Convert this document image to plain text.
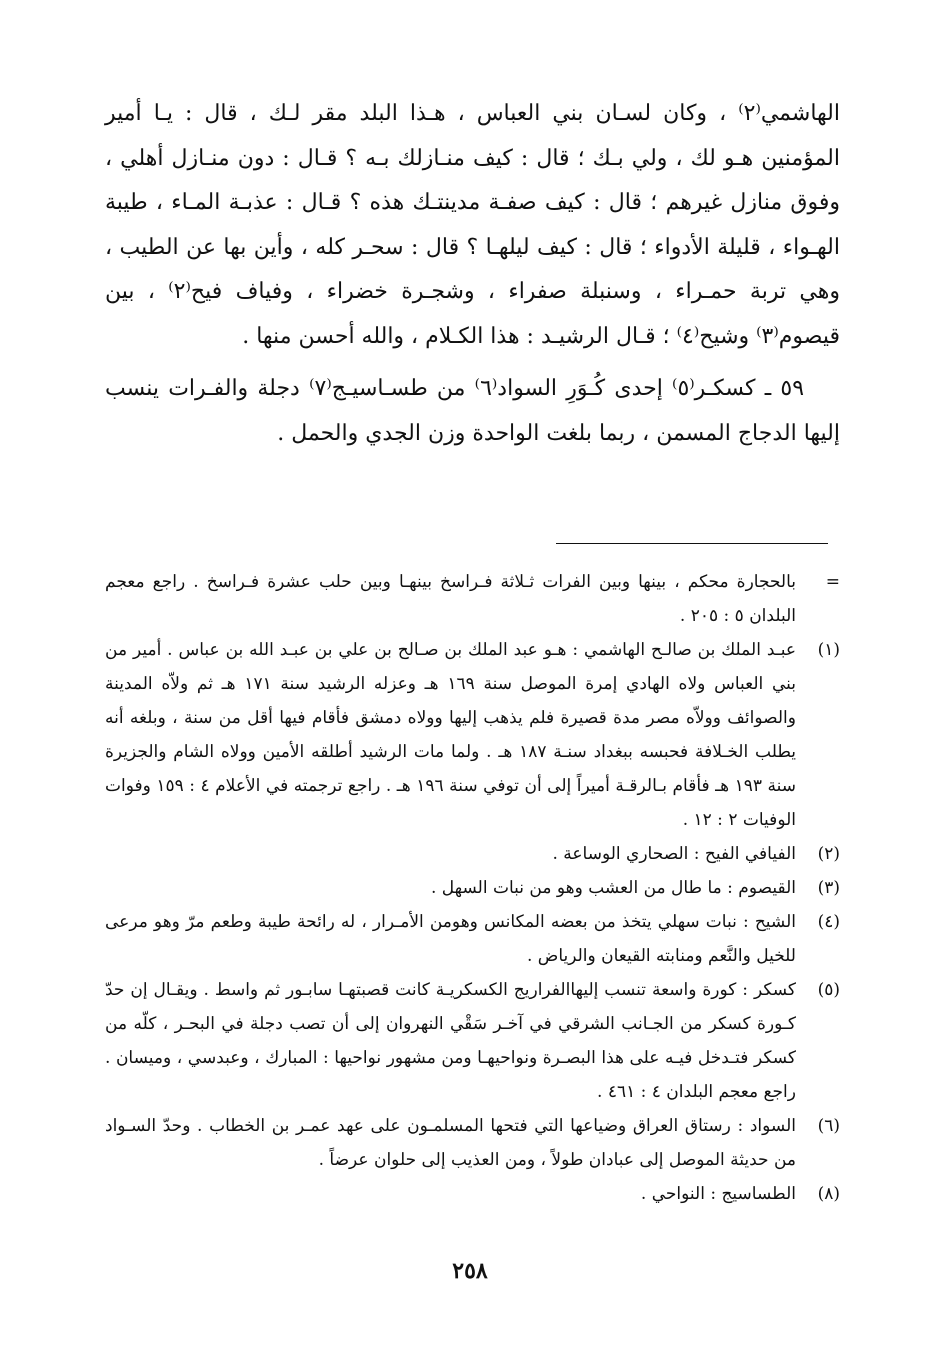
الهاشمي⁽٢⁾ ، وكان لسـان بني العباس ، هـذا البلد مقر لـك ، قال : يـا أمير المؤمنين هـو لك ، ولي بـك ؛ قال : كيف منـازلك بـه ؟ قـال : دون منـازل أهلي ، وفوق منازل غيرهم ؛ قال : كيف صفـة مدينتـك هذه ؟ قـال : عذبـة المـاء ، طيبة الهـواء ، قليلة الأدواء ؛ قال : كيف ليلهـا ؟ قال : سحـر كله ، وأين بها عن الطيب ، وهي تربة حمـراء ، وسنبلة صفراء ، وشجـرة خضراء ، وفياف فيح⁽٢⁾ ، بين قيصوم⁽٣⁾ وشيح⁽٤⁾ ؛ قـال الرشيـد : هذا الكـلام ، والله أحسن منها .

٥٩ ـ كسكـر⁽٥⁾ إحدى كُـوَرِ السواد⁽٦⁾ من طسـاسيـج⁽٧⁾ دجلة والفـرات ينسب إليها الدجاج المسمن ، ربما بلغت الواحدة وزن الجدي والحمل .

=
بالحجارة محكم ، بينها وبين الفرات ثـلاثة فـراسخ بينهـا وبين حلب عشرة فـراسخ . راجع معجم البلدان ٥ : ٢٠٥ .
(١)
عبـد الملك بن صالـح الهاشمي : هـو عبد الملك بن صـالح بن علي بن عبـد الله بن عباس . أمير من بني العباس ولاه الهادي إمرة الموصل سنة ١٦٩ هـ وعزله الرشيد سنة ١٧١ هـ ثم ولاّه المدينة والصوائف وولاّه مصر مدة قصيرة فلم يذهب إليها وولاه دمشق فأقام فيها أقل من سنة ، وبلغه أنه يطلب الخـلافة فحبسه ببغداد سنـة ١٨٧ هـ . ولما مات الرشيد أطلقه الأمين وولاه الشام والجزيرة سنة ١٩٣ هـ فأقام بـالرقـة أميراً إلى أن توفي سنة ١٩٦ هـ . راجع ترجمته في الأعلام ٤ : ١٥٩ وفوات الوفيات ٢ : ١٢ .
(٢)
الفيافي الفيح : الصحاري الوساعة .
(٣)
القيصوم : ما طال من العشب وهو من نبات السهل .
(٤)
الشيح : نبات سهلي يتخذ من بعضه المكانس وهومن الأمـرار ، له رائحة طيبة وطعم مرّ وهو مرعى للخيل والنَّعم ومنابته القيعان والرياض .
(٥)
كسكر : كورة واسعة تنسب إليهاالفراريج الكسكريـة كانت قصبتهـا سابـور ثم واسط . ويقـال إن حدّ كـورة كسكر من الجـانب الشرقي في آخـر سَقْي النهروان إلى أن تصب دجلة في البحـر ، كلّه من كسكر فتـدخل فيـه على هذا البصـرة ونواحيهـا ومن مشهور نواحيها : المبارك ، وعبدسي ، وميسان . راجع معجم البلدان ٤ : ٤٦١ .
(٦)
السواد : رستاق العراق وضياعها التي فتحها المسلمـون على عهد عمـر بن الخطاب . وحدّ السـواد من حديثة الموصل إلى عبادان طولاً ، ومن العذيب إلى حلوان عرضاً .
(٨)
الطساسيج : النواحي .
٢٥٨
